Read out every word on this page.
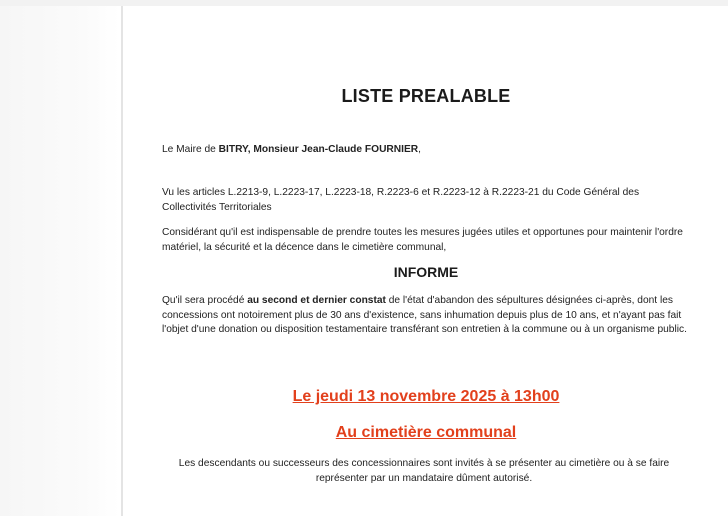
LISTE PREALABLE
Le Maire de BITRY, Monsieur Jean-Claude FOURNIER,
Vu les articles L.2213-9, L.2223-17, L.2223-18, R.2223-6 et R.2223-12 à R.2223-21 du Code Général des Collectivités Territoriales
Considérant qu'il est indispensable de prendre toutes les mesures jugées utiles et opportunes pour maintenir l'ordre matériel, la sécurité et la décence dans le cimetière communal,
INFORME
Qu'il sera procédé au second et dernier constat de l'état d'abandon des sépultures désignées ci-après, dont les concessions ont notoirement plus de 30 ans d'existence, sans inhumation depuis plus de 10 ans, et n'ayant pas fait l'objet d'une donation ou disposition testamentaire transférant son entretien à la commune ou à un organisme public.
Le jeudi 13 novembre 2025 à 13h00
Au cimetière communal
Les descendants ou successeurs des concessionnaires sont invités à se présenter au cimetière ou à se faire représenter par un mandataire dûment autorisé.
